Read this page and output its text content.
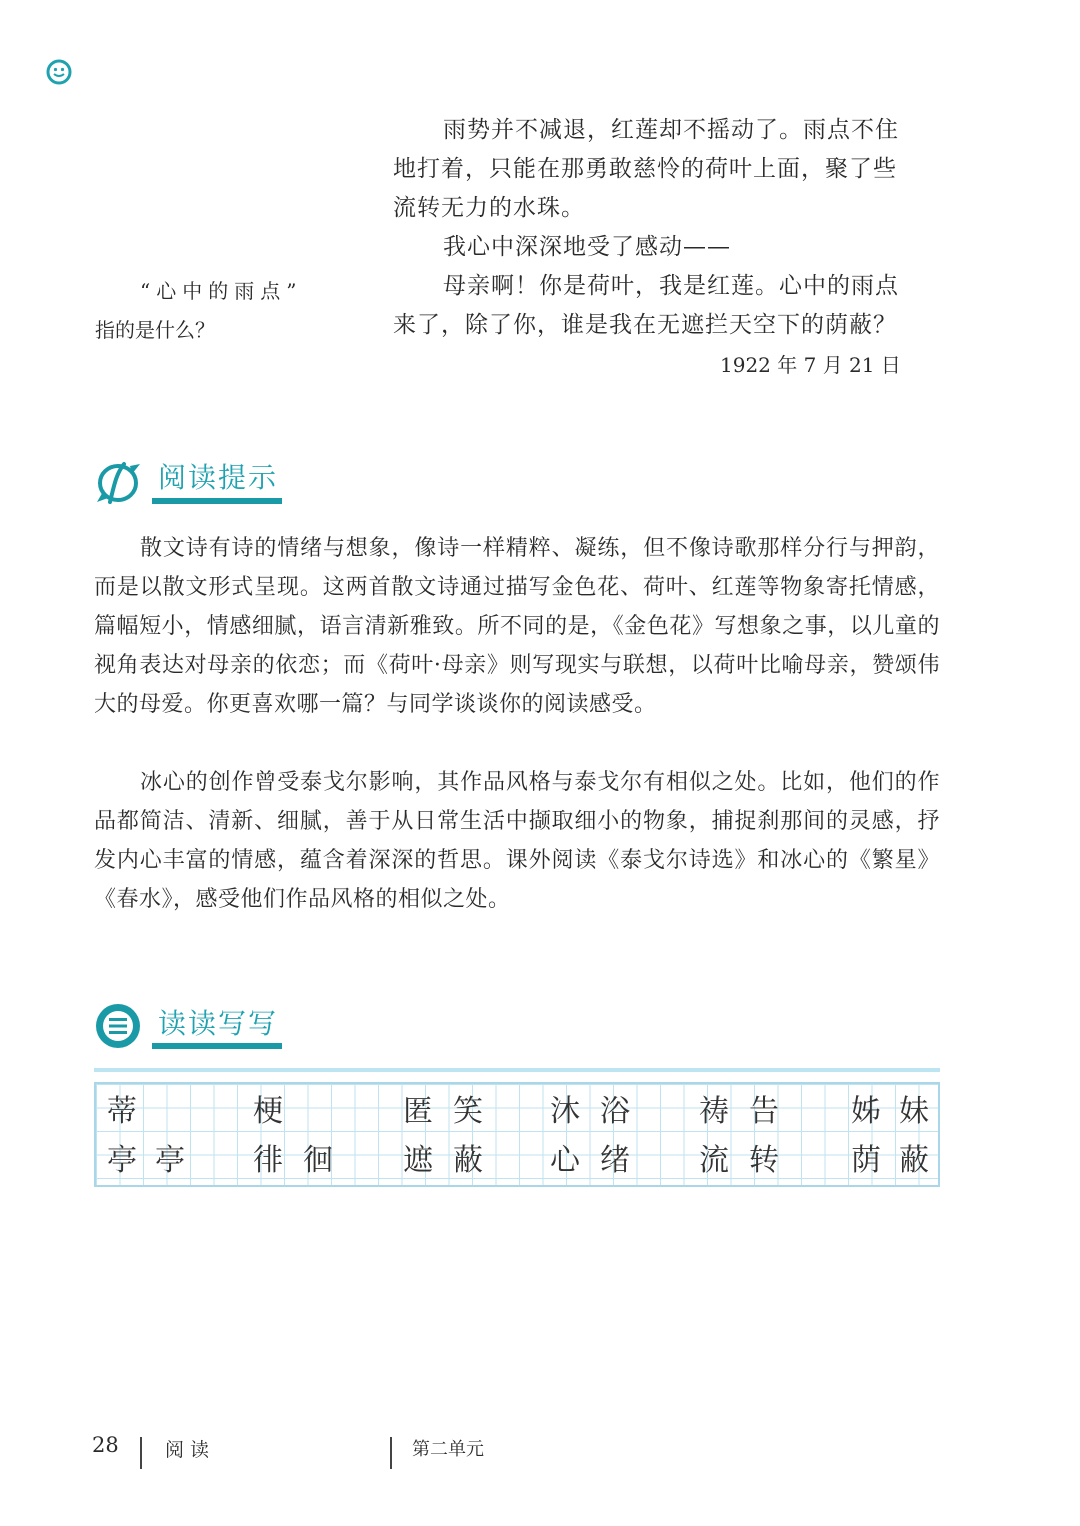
雨势并不减退，红莲却不摇动了。雨点不住
地打着，只能在那勇敢慈怜的荷叶上面，聚了些
流转无力的水珠。
我心中深深地受了感动——
母亲啊！你是荷叶，我是红莲。心中的雨点
来了，除了你，谁是我在无遮拦天空下的荫蔽？
1922 年 7 月 21 日
“心中的雨点”
指的是什么？
阅读提示

散文诗有诗的情绪与想象，像诗一样精粹、凝练，但不像诗歌那样分行与押韵，而是以散文形式呈现。这两首散文诗通过描写金色花、荷叶、红莲等物象寄托情感，篇幅短小，情感细腻，语言清新雅致。所不同的是，《金色花》写想象之事，以儿童的视角表达对母亲的依恋；而《荷叶·母亲》则写现实与联想，以荷叶比喻母亲，赞颂伟大的母爱。你更喜欢哪一篇？与同学谈谈你的阅读感受。

冰心的创作曾受泰戈尔影响，其作品风格与泰戈尔有相似之处。比如，他们的作品都简洁、清新、细腻，善于从日常生活中撷取细小的物象，捕捉刹那间的灵感，抒发内心丰富的情感，蕴含着深深的哲思。课外阅读《泰戈尔诗选》和冰心的《繁星》《春水》，感受他们作品风格的相似之处。

读读写写
蒂	梗	匿 笑	沐 浴	祷 告	姊 妹
亭 亭	徘 徊	遮 蔽	心 绪	流 转	荫 蔽
28 阅读	第二单元
